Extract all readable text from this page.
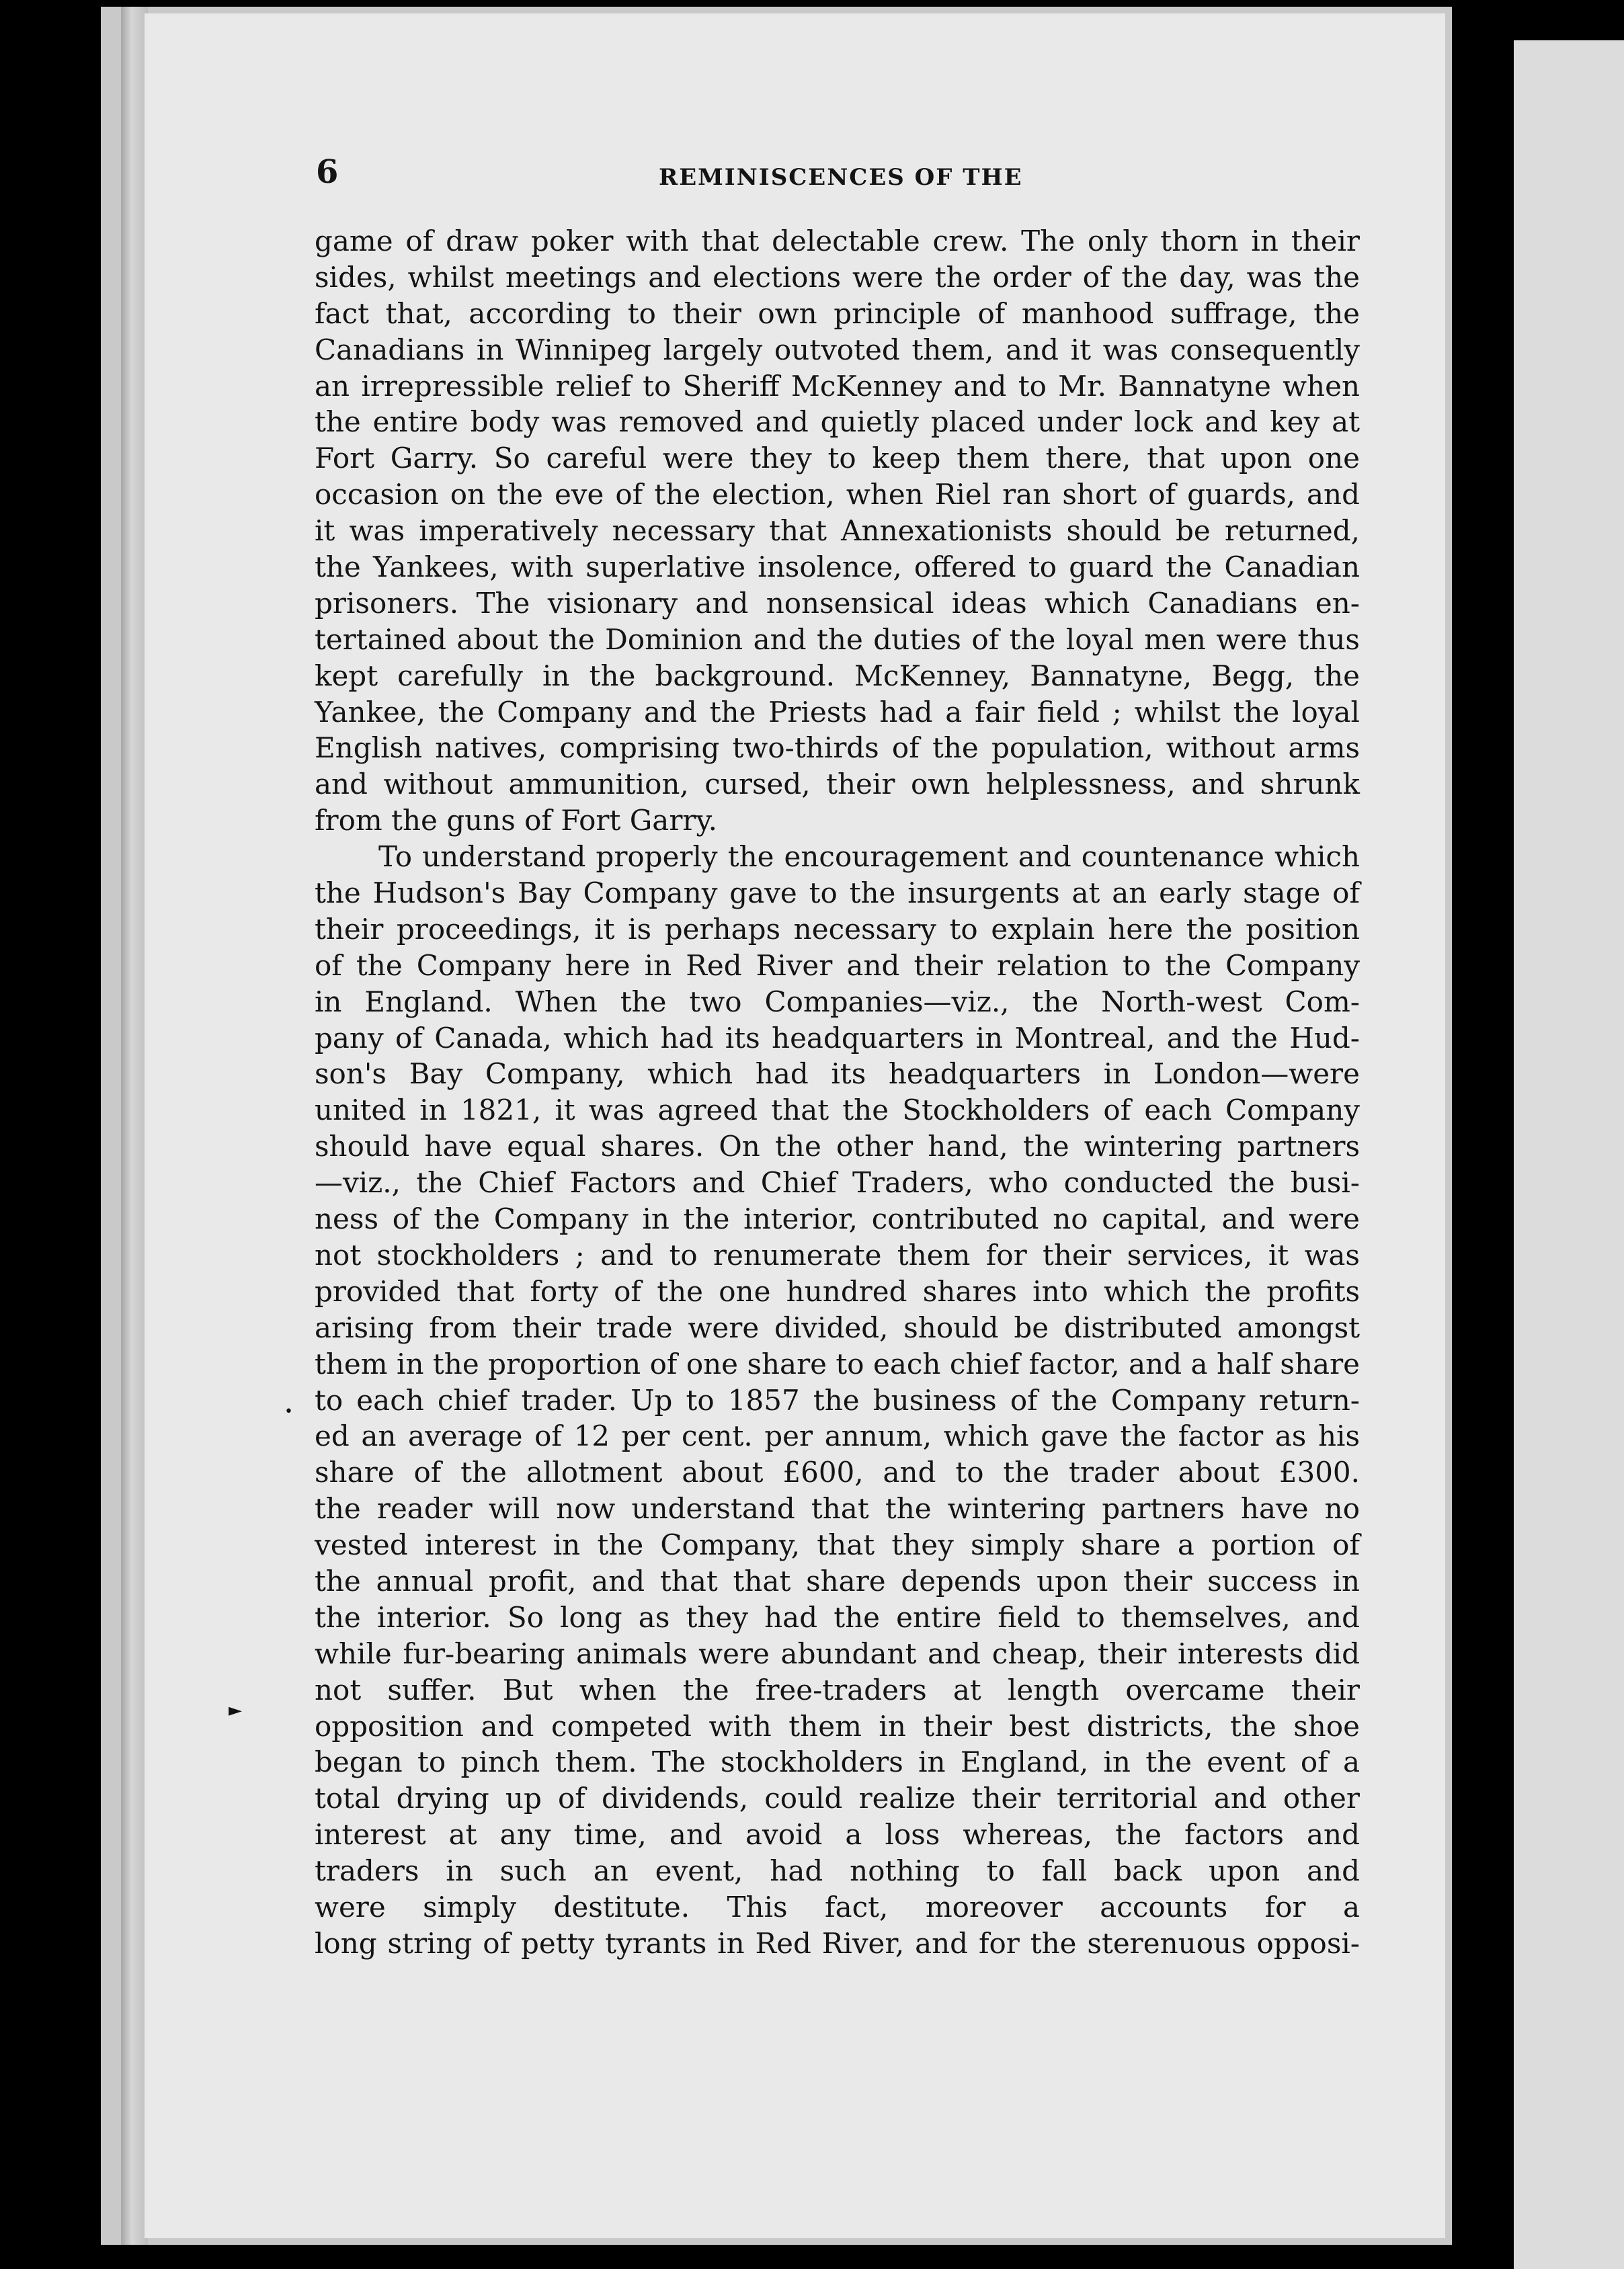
6	REMINISCENCES OF THE
game of draw poker with that delectable crew. The only thorn in their
sides, whilst meetings and elections were the order of the day, was the
fact that, according to their own principle of manhood suffrage, the
Canadians in Winnipeg largely outvoted them, and it was consequently
an irrepressible relief to Sheriff McKenney and to Mr. Bannatyne when
the entire body was removed and quietly placed under lock and key at
Fort Garry. So careful were they to keep them there, that upon one
occasion on the eve of the election, when Riel ran short of guards, and
it was imperatively necessary that Annexationists should be returned,
the Yankees, with superlative insolence, offered to guard the Canadian
prisoners. The visionary and nonsensical ideas which Canadians en-
tertained about the Dominion and the duties of the loyal men were thus
kept carefully in the background. McKenney, Bannatyne, Begg, the
Yankee, the Company and the Priests had a fair field ; whilst the loyal
English natives, comprising two-thirds of the population, without arms
and without ammunition, cursed, their own helplessness, and shrunk
from the guns of Fort Garry.
To understand properly the encouragement and countenance which
the Hudson's Bay Company gave to the insurgents at an early stage of
their proceedings, it is perhaps necessary to explain here the position
of the Company here in Red River and their relation to the Company
in England. When the two Companies—viz., the North-west Com-
pany of Canada, which had its headquarters in Montreal, and the Hud-
son's Bay Company, which had its headquarters in London—were
united in 1821, it was agreed that the Stockholders of each Company
should have equal shares. On the other hand, the wintering partners
—viz., the Chief Factors and Chief Traders, who conducted the busi-
ness of the Company in the interior, contributed no capital, and were
not stockholders ; and to renumerate them for their services, it was
provided that forty of the one hundred shares into which the profits
arising from their trade were divided, should be distributed amongst
them in the proportion of one share to each chief factor, and a half share
to each chief trader. Up to 1857 the business of the Company return-
ed an average of 12 per cent. per annum, which gave the factor as his
share of the allotment about £600, and to the trader about £300.
the reader will now understand that the wintering partners have no
vested interest in the Company, that they simply share a portion of
the annual profit, and that that share depends upon their success in
the interior. So long as they had the entire field to themselves, and
while fur-bearing animals were abundant and cheap, their interests did
not suffer. But when the free-traders at length overcame their
opposition and competed with them in their best districts, the shoe
began to pinch them. The stockholders in England, in the event of a
total drying up of dividends, could realize their territorial and other
interest at any time, and avoid a loss whereas, the factors and
traders in such an event, had nothing to fall back upon and
were simply destitute. This fact, moreover accounts for a
long string of petty tyrants in Red River, and for the sterenuous opposi-
•
►
